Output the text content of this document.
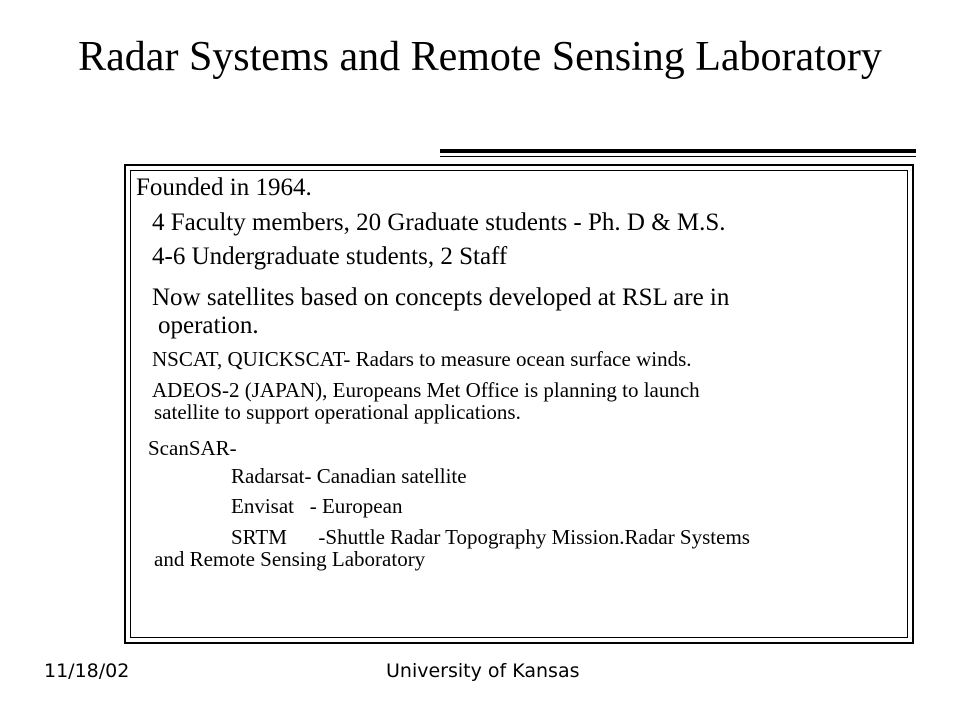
Radar Systems and Remote Sensing Laboratory

Founded in 1964.

4 Faculty members, 20 Graduate students - Ph. D & M.S.

4-6 Undergraduate students, 2 Staff

Now satellites based on concepts developed at RSL are in
operation.

NSCAT, QUICKSCAT- Radars to measure ocean surface winds.

ADEOS-2 (JAPAN), Europeans Met Office is planning to launch
satellite to support operational applications.

ScanSAR-

Radarsat- Canadian satellite

Envisat   - European

SRTM      -Shuttle Radar Topography Mission.Radar Systems
and Remote Sensing Laboratory

11/18/02	University of Kansas
